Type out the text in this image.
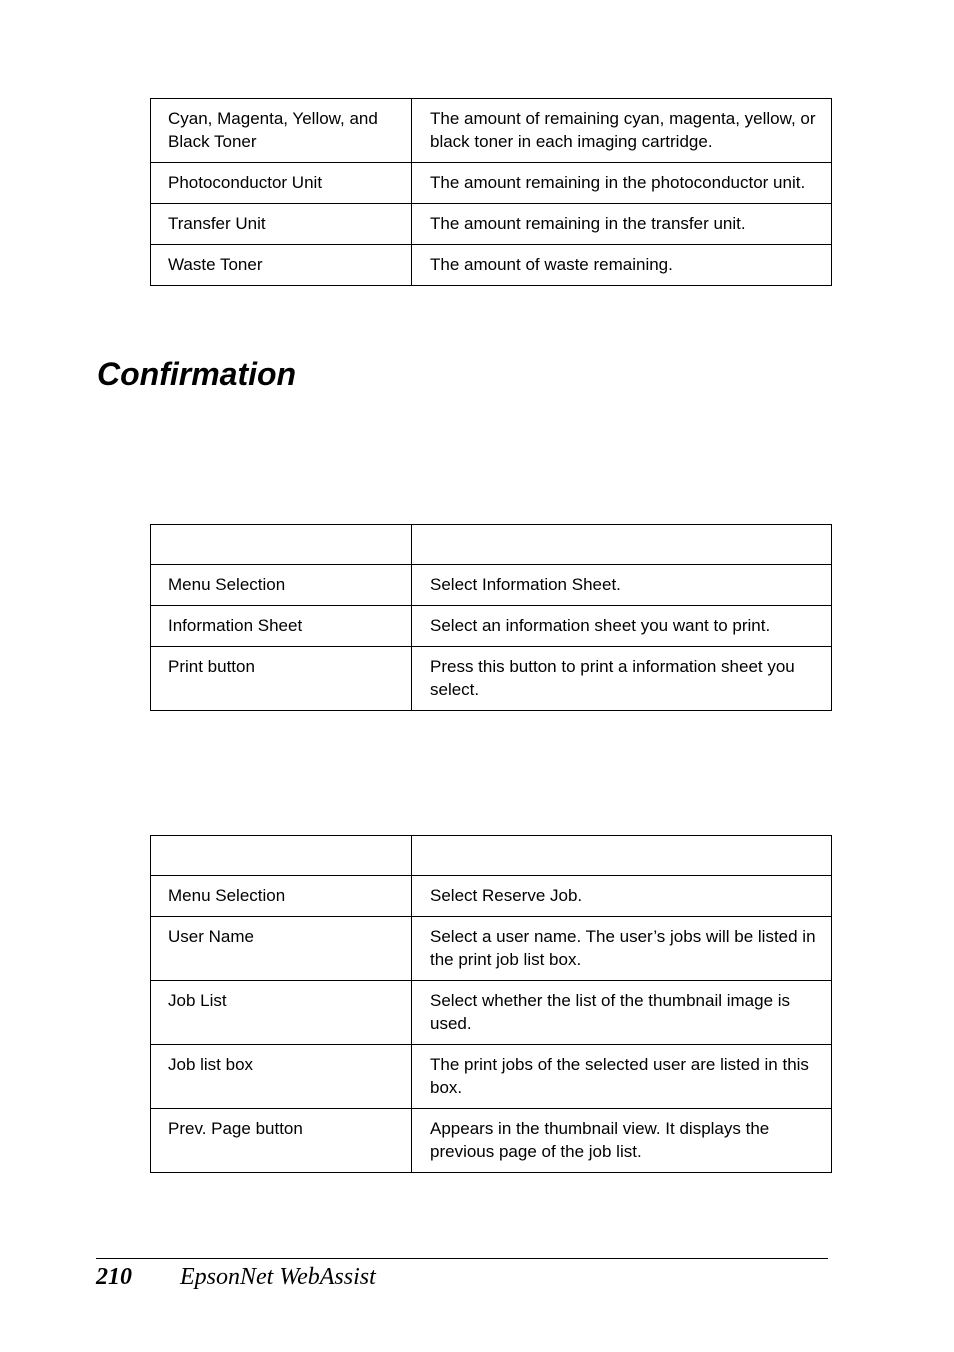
Cyan, Magenta, Yellow, and Black Toner	The amount of remaining cyan, magenta, yellow, or black toner in each imaging cartridge.
Photoconductor Unit	The amount remaining in the photoconductor unit.
Transfer Unit	The amount remaining in the transfer unit.
Waste Toner	The amount of waste remaining.
Confirmation

Menu Selection	Select Information Sheet.
Information Sheet	Select an information sheet you want to print.
Print button	Press this button to print a information sheet you select.

Menu Selection	Select Reserve Job.
User Name	Select a user name. The user’s jobs will be listed in the print job list box.
Job List	Select whether the list of the thumbnail image is used.
Job list box	The print jobs of the selected user are listed in this box.
Prev. Page button	Appears in the thumbnail view. It displays the previous page of the job list.
210 EpsonNet WebAssist
